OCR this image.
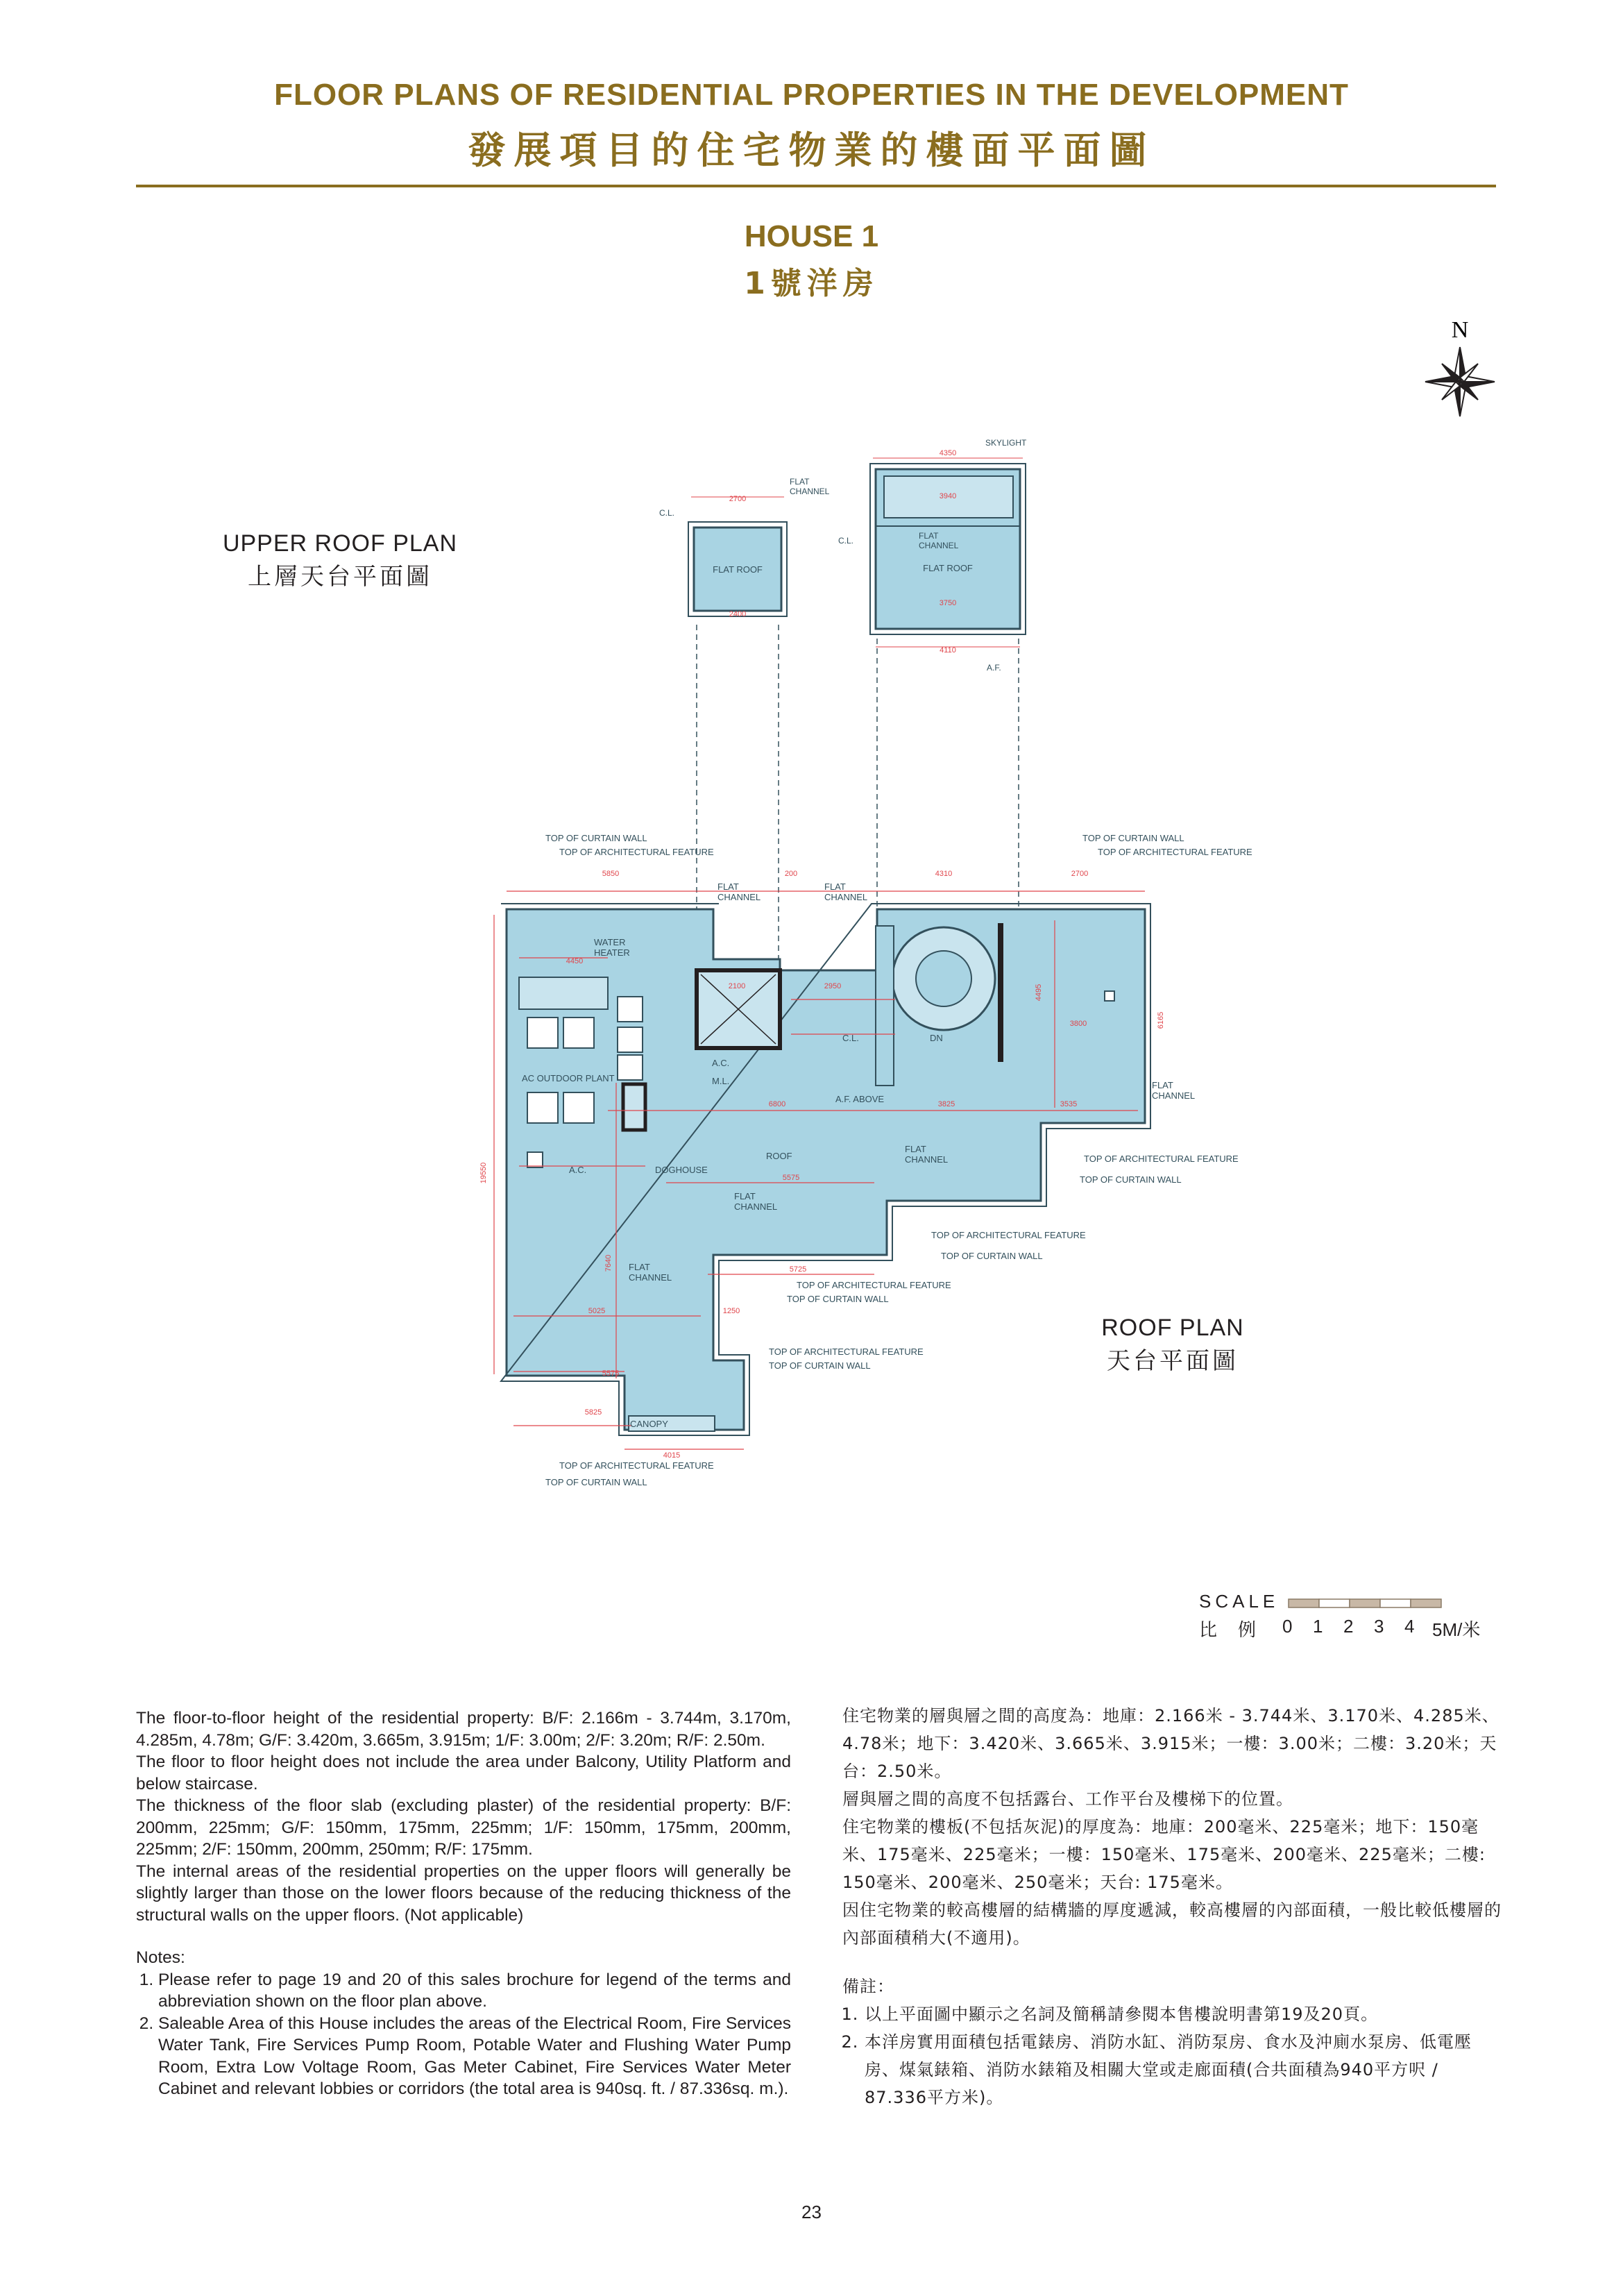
FLOOR PLANS OF RESIDENTIAL PROPERTIES IN THE DEVELOPMENT
發展項目的住宅物業的樓面平面圖
HOUSE 1
1號洋房
N
FLAT ROOF
C.L.
FLAT
CHANNEL
2700
2400
FLAT ROOF
FLAT
CHANNEL
SKYLIGHT
A.F.
C.L.
4350
3940
3750
4110
5850	200	4310	2700
4450
6800	3825	3535
5575
5725
5025
5575
5825
4015
3800
2950
2100
1250
19550
7640
6165
4495
WATER
HEATER
AC OUTDOOR PLANT
A.C.
M.L.
A.C.	DOGHOUSE
ROOF
DN
A.F. ABOVE
C.L.
CANOPY
FLAT
CHANNEL
FLAT
CHANNEL
FLAT
CHANNEL
FLAT
CHANNEL
FLAT
CHANNEL
FLAT
CHANNEL
TOP OF CURTAIN WALL
TOP OF ARCHITECTURAL FEATURE
TOP OF CURTAIN WALL
TOP OF ARCHITECTURAL FEATURE
TOP OF ARCHITECTURAL FEATURE
TOP OF CURTAIN WALL
TOP OF ARCHITECTURAL FEATURE
TOP OF CURTAIN WALL
TOP OF ARCHITECTURAL FEATURE
TOP OF CURTAIN WALL
TOP OF ARCHITECTURAL FEATURE
TOP OF CURTAIN WALL
TOP OF ARCHITECTURAL FEATURE
TOP OF CURTAIN WALL
UPPER ROOF PLAN
上層天台平面圖
ROOF PLAN
天台平面圖
SCALE
比　例 0 1 2 3 4 5M/米

The floor-to-floor height of the residential property: B/F: 2.166m - 3.744m, 3.170m, 4.285m, 4.78m; G/F: 3.420m, 3.665m, 3.915m; 1/F: 3.00m; 2/F: 3.20m; R/F: 2.50m.

The floor to floor height does not include the area under Balcony, Utility Platform and below staircase.

The thickness of the floor slab (excluding plaster) of the residential property: B/F: 200mm, 225mm; G/F: 150mm, 175mm, 225mm; 1/F: 150mm, 175mm, 200mm, 225mm; 2/F: 150mm, 200mm, 250mm; R/F: 175mm.

The internal areas of the residential properties on the upper floors will generally be slightly larger than those on the lower floors because of the reducing thickness of the structural walls on the upper floors. (Not applicable)

Notes:

1. Please refer to page 19 and 20 of this sales brochure for legend of the terms and abbreviation shown on the floor plan above.
2. Saleable Area of this House includes the areas of the Electrical Room, Fire Services Water Tank, Fire Services Pump Room, Potable Water and Flushing Water Pump Room, Extra Low Voltage Room, Gas Meter Cabinet, Fire Services Water Meter Cabinet and relevant lobbies or corridors (the total area is 940sq. ft. / 87.336sq. m.).

住宅物業的層與層之間的高度為：地庫：2.166米 - 3.744米、3.170米、4.285米、4.78米；地下：3.420米、3.665米、3.915米；一樓：3.00米；二樓：3.20米；天台：2.50米。

層與層之間的高度不包括露台、工作平台及樓梯下的位置。

住宅物業的樓板(不包括灰泥)的厚度為：地庫：200毫米、225毫米；地下：150毫米、175毫米、225毫米；一樓：150毫米、175毫米、200毫米、225毫米；二樓: 150毫米、200毫米、250毫米；天台: 175毫米。

因住宅物業的較高樓層的結構牆的厚度遞減，較高樓層的內部面積，一般比較低樓層的內部面積稍大(不適用)。

備註：

1. 以上平面圖中顯示之名詞及簡稱請參閱本售樓說明書第19及20頁。
2. 本洋房實用面積包括電錶房、消防水缸、消防泵房、食水及沖廁水泵房、低電壓房、煤氣錶箱、消防水錶箱及相關大堂或走廊面積(合共面積為940平方呎 / 87.336平方米)。
23
